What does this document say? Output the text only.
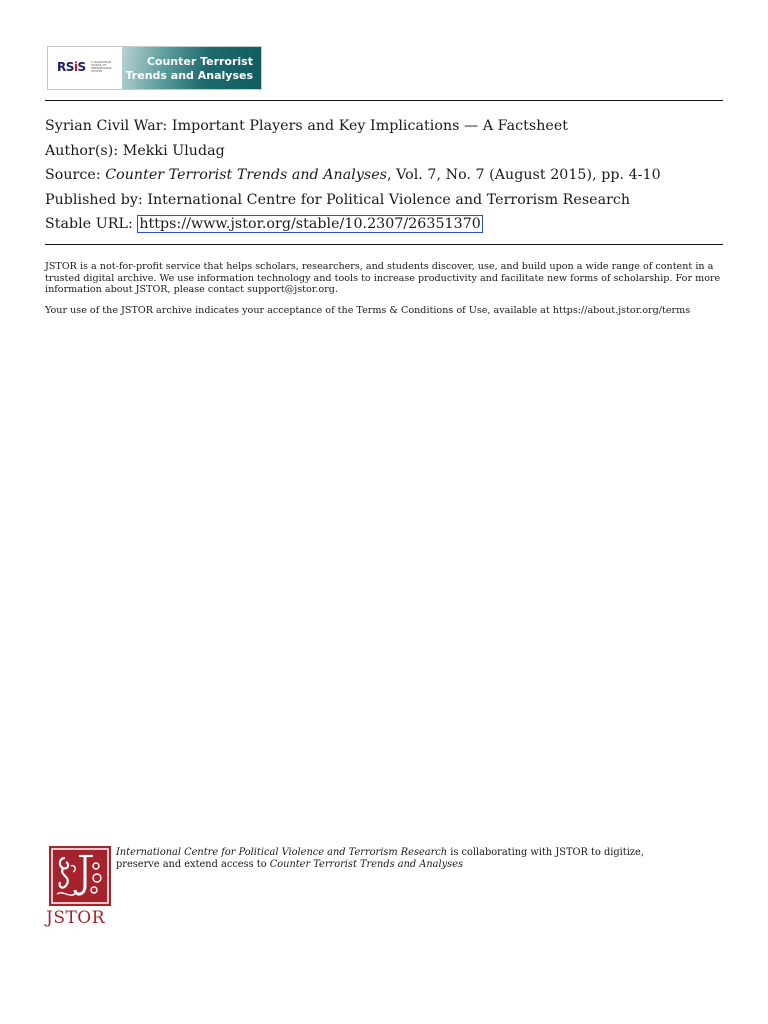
RSiS S. RAJARATNAM SCHOOL OF INTERNATIONAL STUDIES
Counter Terrorist
Trends and Analyses
Syrian Civil War: Important Players and Key Implications — A Factsheet
Author(s): Mekki Uludag
Source: Counter Terrorist Trends and Analyses, Vol. 7, No. 7 (August 2015), pp. 4-10
Published by: International Centre for Political Violence and Terrorism Research
Stable URL: https://www.jstor.org/stable/10.2307/26351370
JSTOR is a not-for-profit service that helps scholars, researchers, and students discover, use, and build upon a wide range of content in a trusted digital archive. We use information technology and tools to increase productivity and facilitate new forms of scholarship. For more information about JSTOR, please contact support@jstor.org.
Your use of the JSTOR archive indicates your acceptance of the Terms & Conditions of Use, available at https://about.jstor.org/terms
JSTOR
International Centre for Political Violence and Terrorism Research is collaborating with JSTOR to digitize, preserve and extend access to Counter Terrorist Trends and Analyses
